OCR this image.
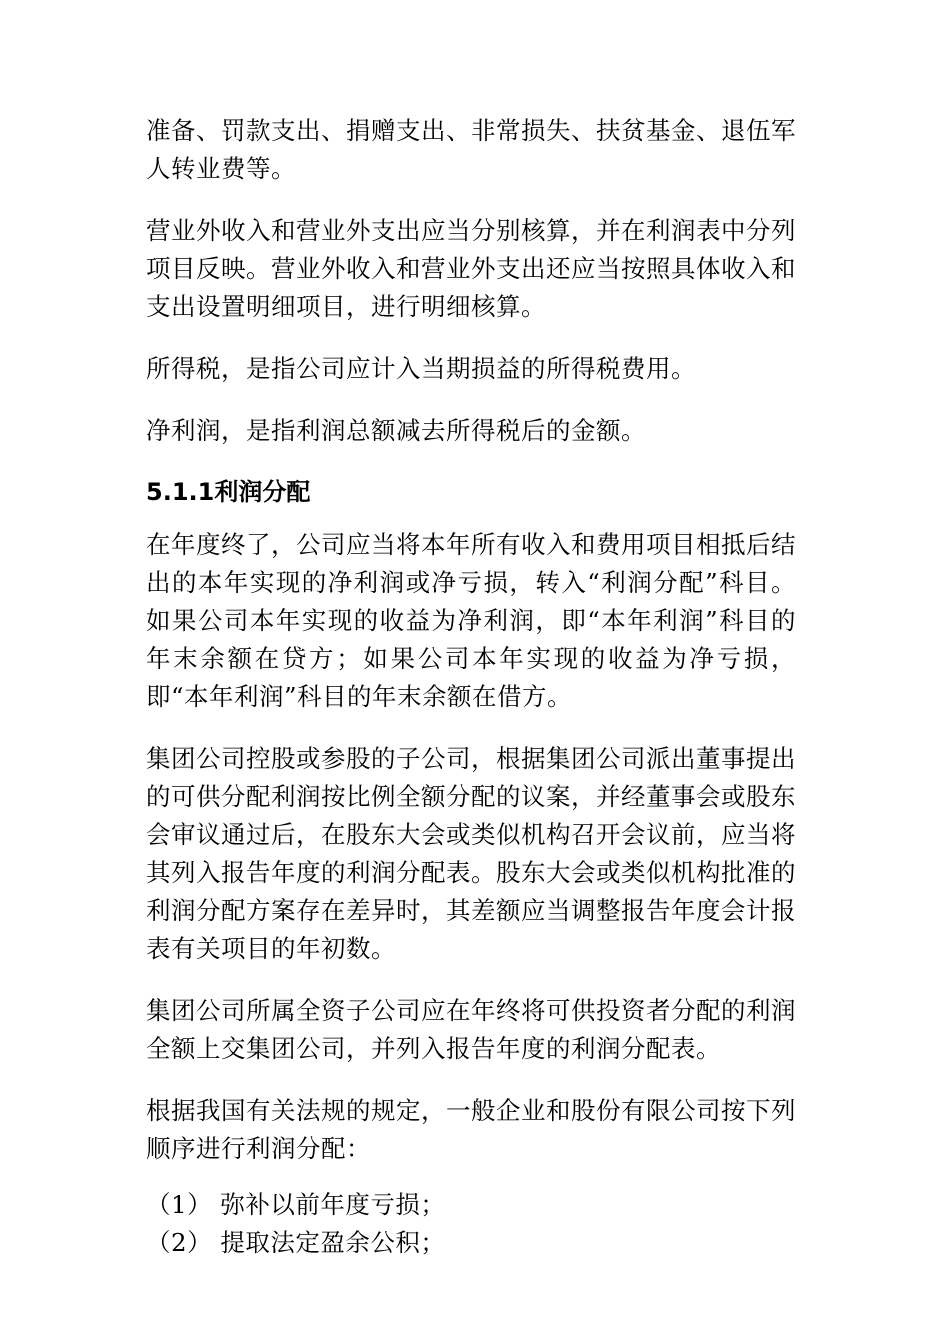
准备、罚款支出、捐赠支出、非常损失、扶贫基金、退伍军人转业费等。

营业外收入和营业外支出应当分别核算，并在利润表中分列项目反映。营业外收入和营业外支出还应当按照具体收入和支出设置明细项目，进行明细核算。

所得税，是指公司应计入当期损益的所得税费用。

净利润，是指利润总额减去所得税后的金额。

5.1.1利润分配

在年度终了，公司应当将本年所有收入和费用项目相抵后结出的本年实现的净利润或净亏损，转入“利润分配”科目。如果公司本年实现的收益为净利润，即“本年利润”科目的年末余额在贷方；如果公司本年实现的收益为净亏损，即“本年利润”科目的年末余额在借方。

集团公司控股或参股的子公司，根据集团公司派出董事提出的可供分配利润按比例全额分配的议案，并经董事会或股东会审议通过后，在股东大会或类似机构召开会议前，应当将其列入报告年度的利润分配表。股东大会或类似机构批准的利润分配方案存在差异时，其差额应当调整报告年度会计报表有关项目的年初数。

集团公司所属全资子公司应在年终将可供投资者分配的利润全额上交集团公司，并列入报告年度的利润分配表。

根据我国有关法规的规定，一般企业和股份有限公司按下列顺序进行利润分配：

（1） 弥补以前年度亏损；
（2） 提取法定盈余公积；
